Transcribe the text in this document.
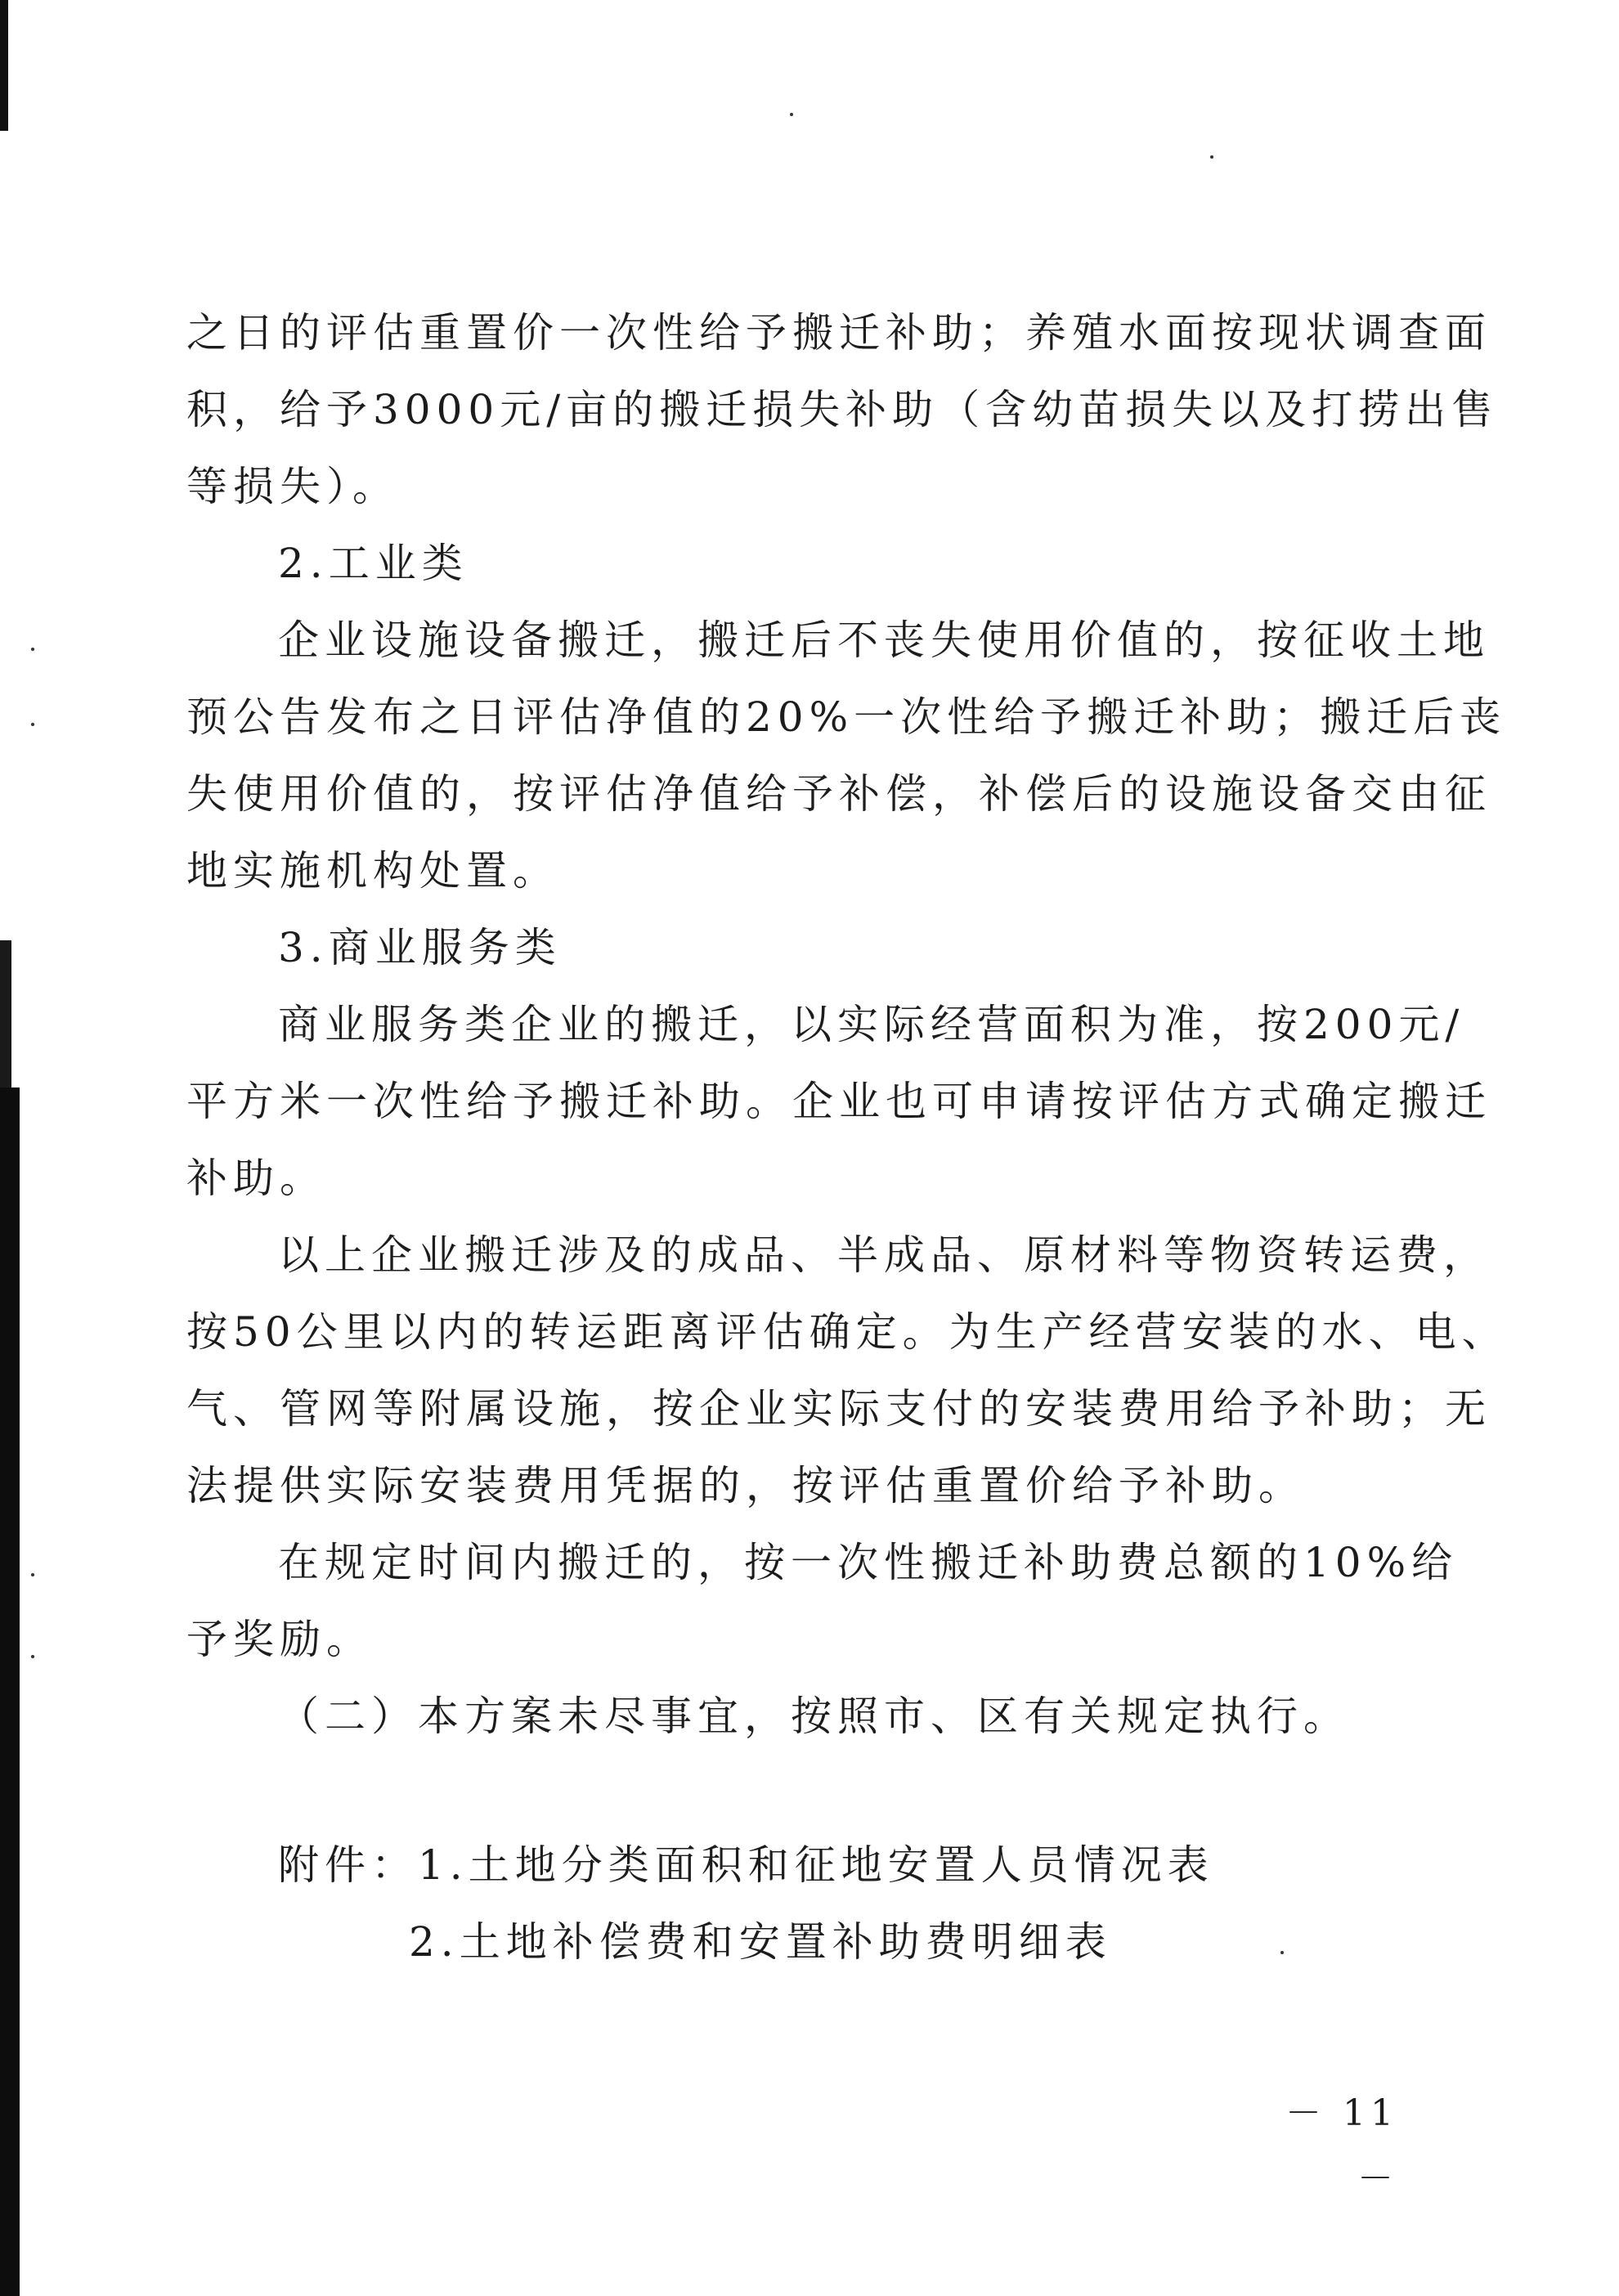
之日的评估重置价一次性给予搬迁补助；养殖水面按现状调查面
积，给予3000元/亩的搬迁损失补助（含幼苗损失以及打捞出售
等损失）。
2.工业类
企业设施设备搬迁，搬迁后不丧失使用价值的，按征收土地
预公告发布之日评估净值的20%一次性给予搬迁补助；搬迁后丧
失使用价值的，按评估净值给予补偿，补偿后的设施设备交由征
地实施机构处置。
3.商业服务类
商业服务类企业的搬迁，以实际经营面积为准，按200元/
平方米一次性给予搬迁补助。企业也可申请按评估方式确定搬迁
补助。
以上企业搬迁涉及的成品、半成品、原材料等物资转运费，
按50公里以内的转运距离评估确定。为生产经营安装的水、电、
气、管网等附属设施，按企业实际支付的安装费用给予补助；无
法提供实际安装费用凭据的，按评估重置价给予补助。
在规定时间内搬迁的，按一次性搬迁补助费总额的10%给
予奖励。
（二）本方案未尽事宜，按照市、区有关规定执行。
附件：1.土地分类面积和征地安置人员情况表
2.土地补偿费和安置补助费明细表
－ 11 －
